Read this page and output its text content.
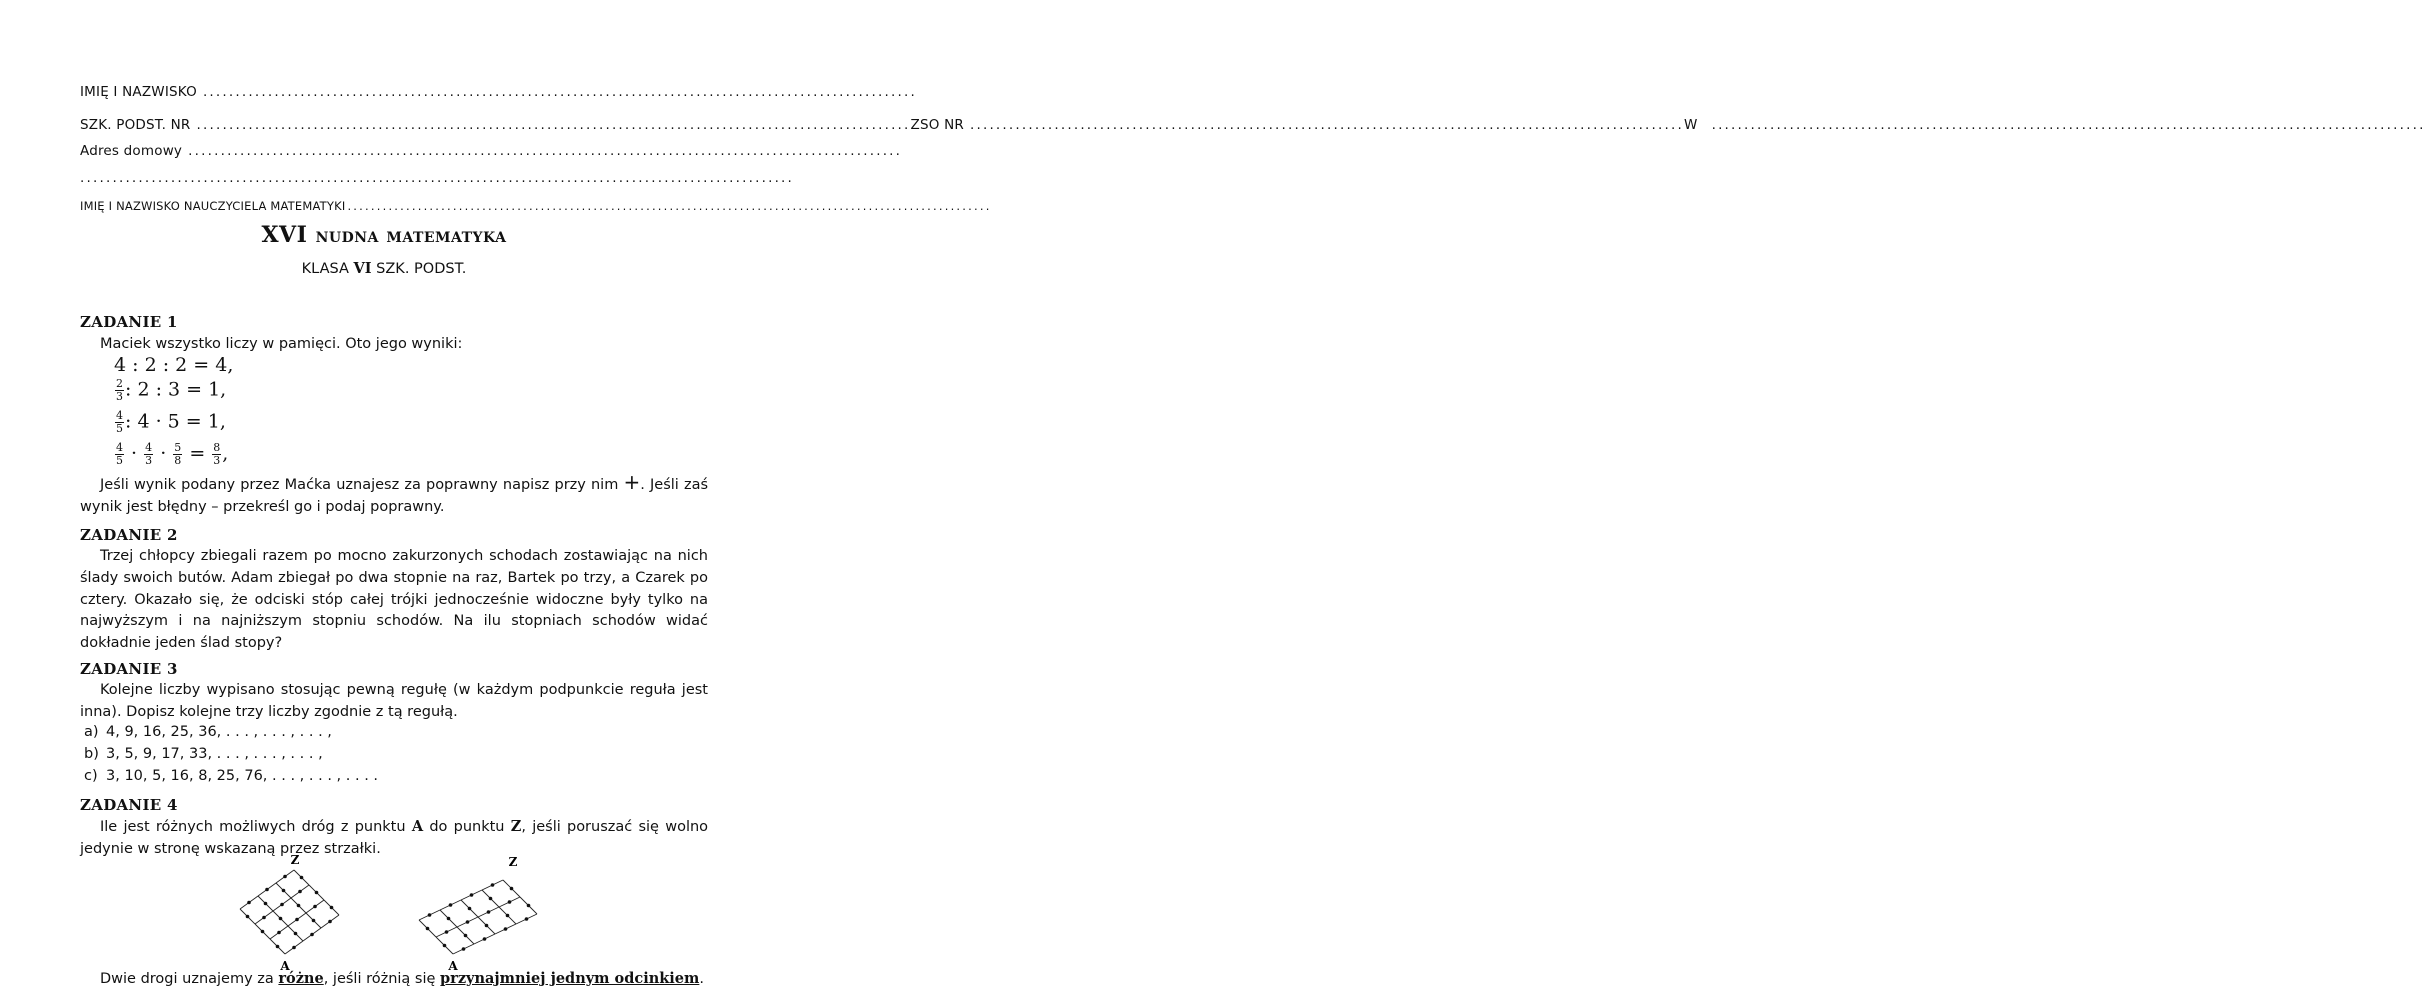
IMIĘ I NAZWISKO ..............................................................................................................
SZK. PODST. NR .............................................................................................................. ZSO NR .............................................................................................................. W ..............................................................................................................
Adres domowy ..............................................................................................................
..............................................................................................................
IMIĘ I NAZWISKO NAUCZYCIELA MATEMATYKI ..............................................................................................................
XVI nudna matematyka
KLASA VI SZK. PODST.
ZADANIE 1
Maciek wszystko liczy w pamięci. Oto jego wyniki:
4 : 2 : 2 = 4,
$\frac{2}{3}$ : 2 : 3 = 1,
$\frac{4}{5}$ : 4 · 5 = 1,
$\frac{4}{5} \cdot \frac{4}{3} \cdot \frac{5}{8} = \frac{8}{3}$ ,
Jeśli wynik podany przez Maćka uznajesz za poprawny napisz przy nim +. Jeśli zaś wynik jest błędny – przekreśl go i podaj poprawny.
ZADANIE 2
Trzej chłopcy zbiegali razem po mocno zakurzonych schodach zostawiając na nich ślady swoich butów. Adam zbiegał po dwa stopnie na raz, Bartek po trzy, a Czarek po cztery. Okazało się, że odciski stóp całej trójki jednocześnie widoczne były tylko na najwyższym i na najniższym stopniu schodów. Na ilu stopniach schodów widać dokładnie jeden ślad stopy?
ZADANIE 3
Kolejne liczby wypisano stosując pewną regułę (w każdym podpunkcie reguła jest inna). Dopisz kolejne trzy liczby zgodnie z tą regułą.
a) 4, 9, 16, 25, 36, . . . , . . . , . . . ,
b) 3, 5, 9, 17, 33, . . . , . . . , . . . ,
c) 3, 10, 5, 16, 8, 25, 76, . . . , . . . , . . . .
ZADANIE 4
Ile jest różnych możliwych dróg z punktu A do punktu Z, jeśli poruszać się wolno jedynie w stronę wskazaną przez strzałki.
Z
A
Z
A
Dwie drogi uznajemy za różne, jeśli różnią się przynajmniej jednym odcinkiem.
